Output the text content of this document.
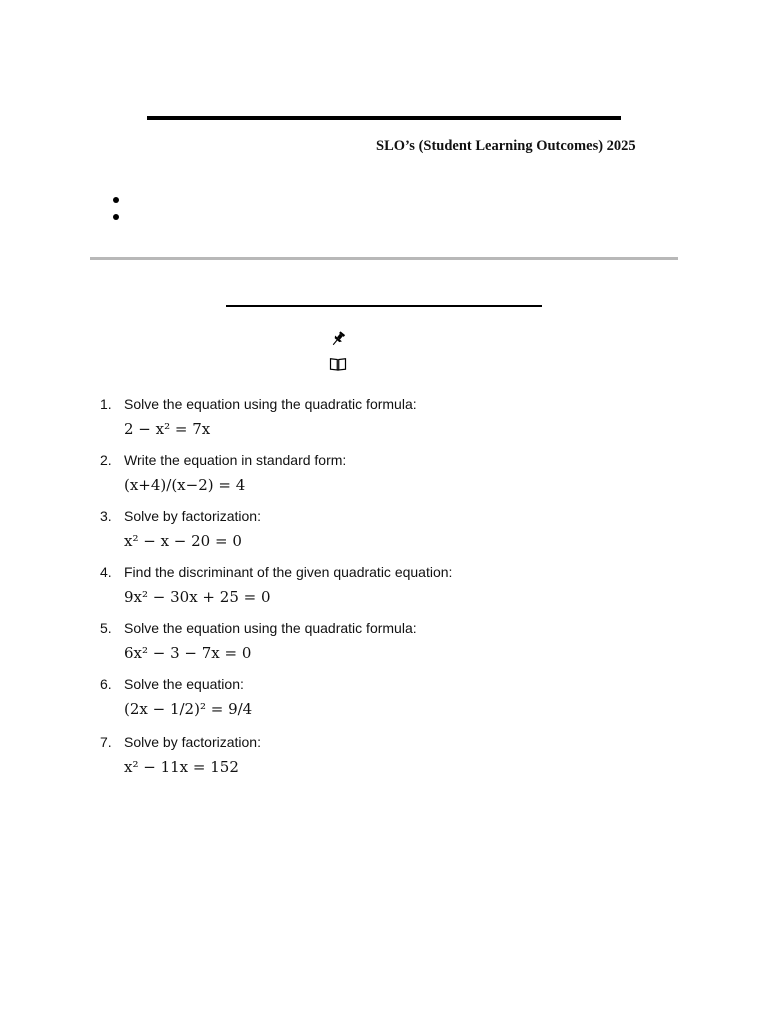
SLO’s (Student Learning Outcomes) 2025
1. Solve the equation using the quadratic formula:
2 − x² = 7x
2. Write the equation in standard form:
(x+4)/(x−2) = 4
3. Solve by factorization:
x² − x − 20 = 0
4. Find the discriminant of the given quadratic equation:
9x² − 30x + 25 = 0
5. Solve the equation using the quadratic formula:
6x² − 3 − 7x = 0
6. Solve the equation:
(2x − 1/2)² = 9/4
7. Solve by factorization:
x² − 11x = 152
